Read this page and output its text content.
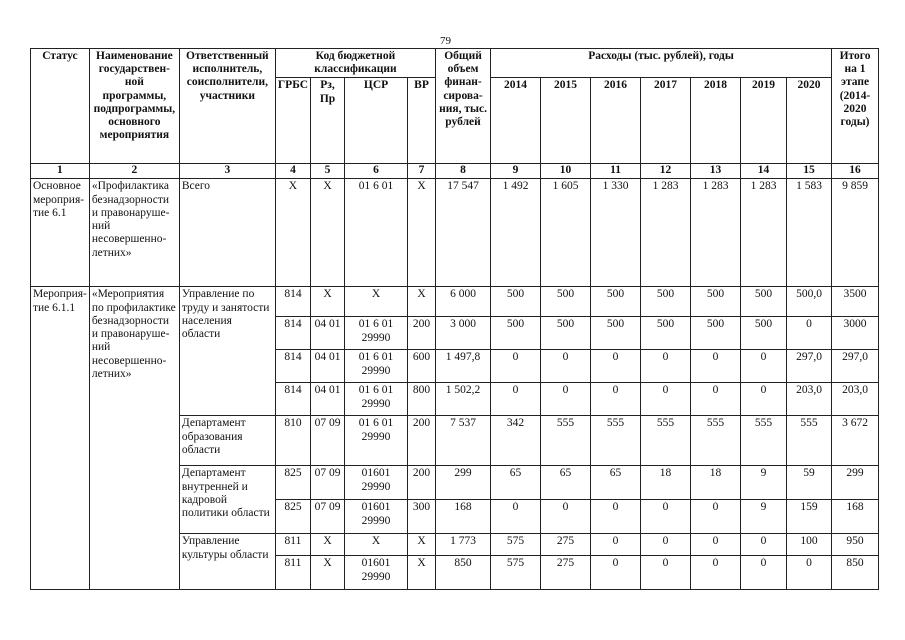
79
Статус	Наименование государствен-ной программы, подпрограммы, основного мероприятия	Ответственный исполнитель, соисполнители, участники	Код бюджетной классификации				Общий объем финан-сирова-ния, тыс. рублей	Расходы (тыс. рублей), годы							Итого на 1 этапе (2014-2020 годы)
			ГРБС	Рз, Пр	ЦСР	ВР		2014	2015	2016	2017	2018	2019	2020	
1	2	3	4	5	6	7	8	9	10	11	12	13	14	15	16
Основное мероприя-тие 6.1	«Профилактика безнадзорности и правонаруше-ний несовершенно-летних»	Всего	Х	Х	01 6 01	Х	17 547	1 492	1 605	1 330	1 283	1 283	1 283	1 583	9 859
Мероприя-тие 6.1.1	«Мероприятия по профилактике безнадзорности и правонаруше-ний несовершенно-летних»	Управление по труду и занятости населения области	814	Х	Х	Х	6 000	500	500	500	500	500	500	500,0	3500
			814	04 01	01 6 01 29990	200	3 000	500	500	500	500	500	500	0	3000
			814	04 01	01 6 01 29990	600	1 497,8	0	0	0	0	0	0	297,0	297,0
			814	04 01	01 6 01 29990	800	1 502,2	0	0	0	0	0	0	203,0	203,0
		Департамент образования области	810	07 09	01 6 01 29990	200	7 537	342	555	555	555	555	555	555	3 672
		Департамент внутренней и кадровой политики области	825	07 09	01601 29990	200	299	65	65	65	18	18	9	59	299
			825	07 09	01601 29990	300	168	0	0	0	0	0	9	159	168
		Управление культуры области	811	Х	Х	Х	1 773	575	275	0	0	0	0	100	950
			811	Х	01601 29990	Х	850	575	275	0	0	0	0	0	850
